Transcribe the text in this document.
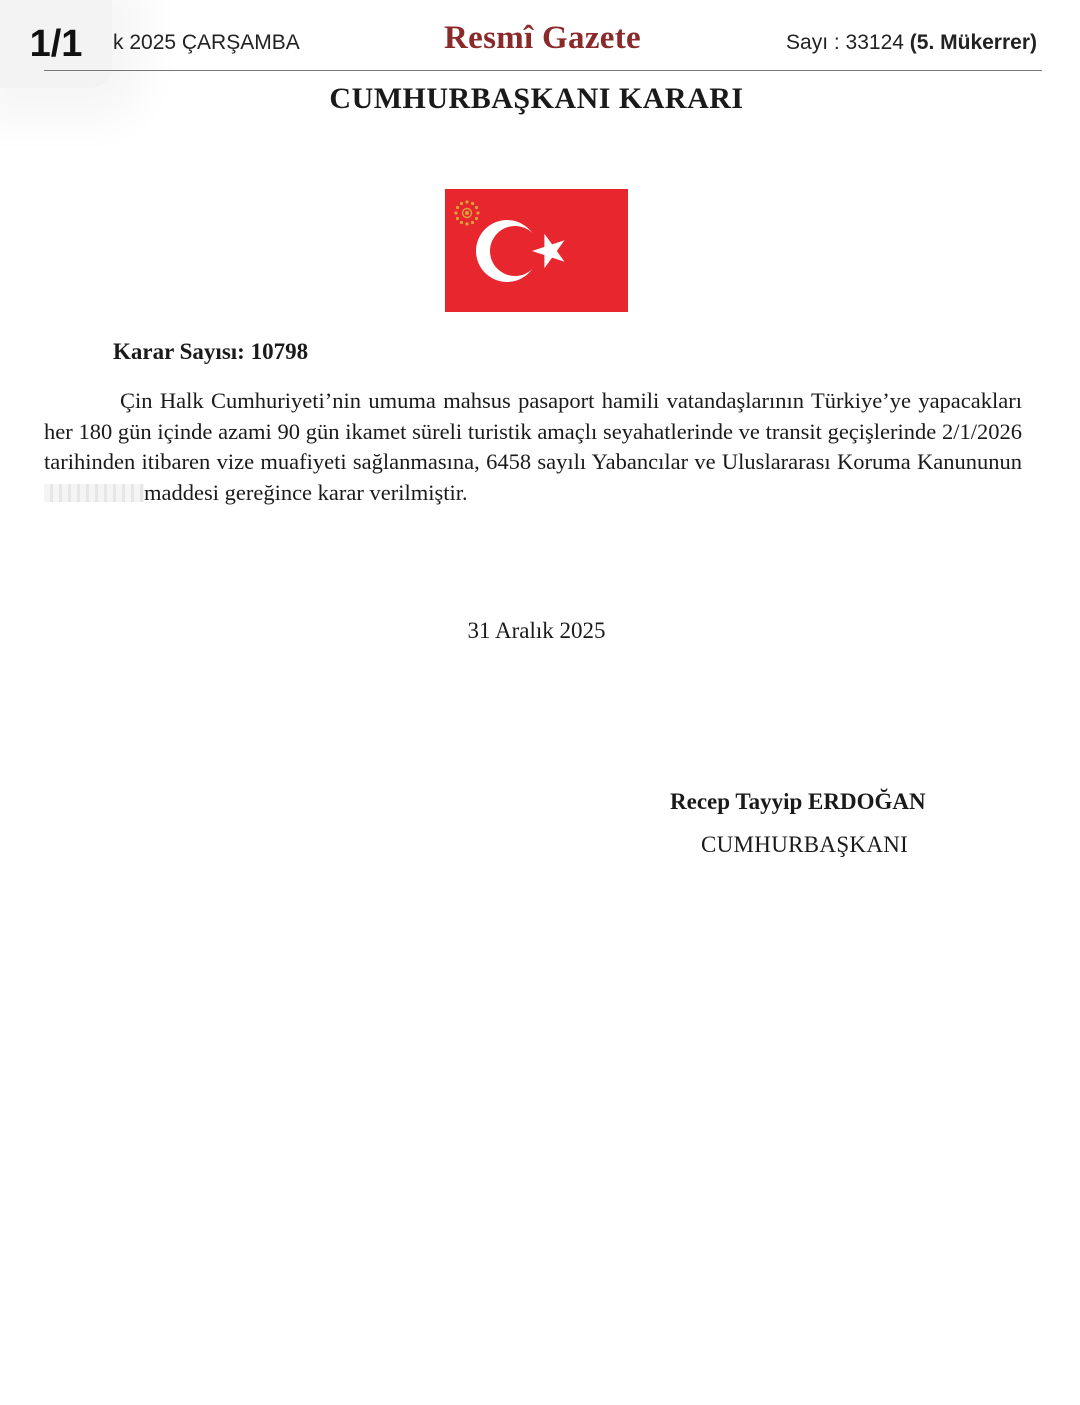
1/1	k 2025 ÇARŞAMBA	Resmî Gazete	Sayı : 33124 (5. Mükerrer)
CUMHURBAŞKANI KARARI
Karar Sayısı: 10798
Çin Halk Cumhuriyeti’nin umuma mahsus pasaport hamili vatandaşlarının Türkiye’ye yapacakları her 180 gün içinde azami 90 gün ikamet süreli turistik amaçlı seyahatlerinde ve transit geçişlerinde 2/1/2026 tarihinden itibaren vize muafiyeti sağlanmasına, 6458 sayılı Yabancılar ve Uluslararası Koruma Kanunununmaddesi gereğince karar verilmiştir.
31 Aralık 2025
Recep Tayyip ERDOĞAN
CUMHURBAŞKANI
